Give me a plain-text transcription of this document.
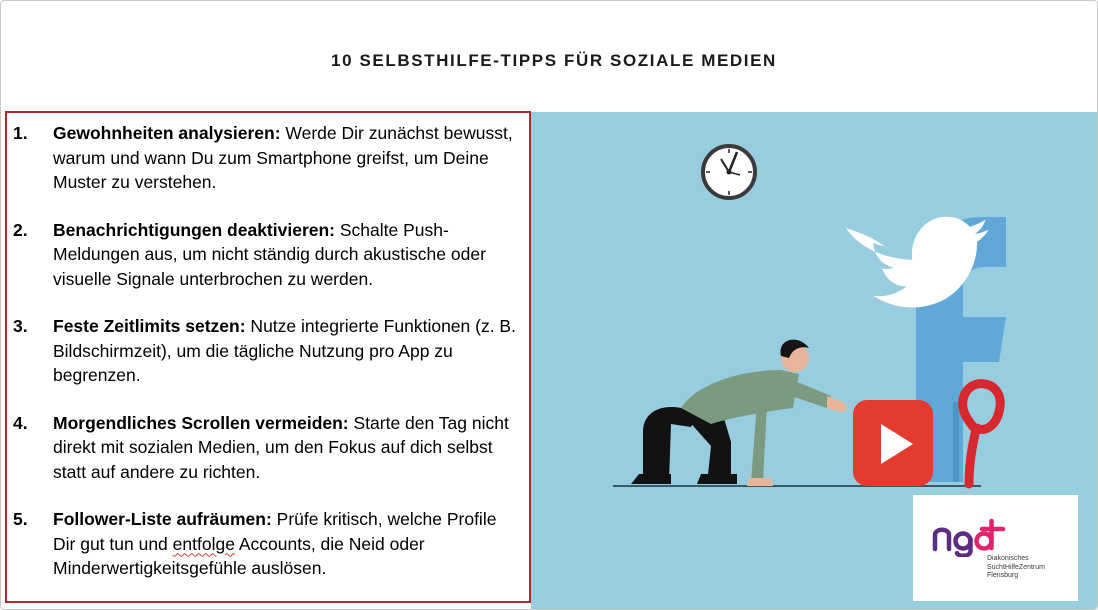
10 SELBSTHILFE-TIPPS FÜR SOZIALE MEDIEN
1.	Gewohnheiten analysieren: Werde Dir zunächst bewusst, warum und wann Du zum Smartphone greifst, um Deine Muster zu verstehen.
2.	Benachrichtigungen deaktivieren: Schalte Push-Meldungen aus, um nicht ständig durch akustische oder visuelle Signale unterbrochen zu werden.
3.	Feste Zeitlimits setzen: Nutze integrierte Funktionen (z. B. Bildschirmzeit), um die tägliche Nutzung pro App zu begrenzen.
4.	Morgendliches Scrollen vermeiden: Starte den Tag nicht direkt mit sozialen Medien, um den Fokus auf dich selbst statt auf andere zu richten.
5.	Follower-Liste aufräumen: Prüfe kritisch, welche Profile Dir gut tun und entfolge Accounts, die Neid oder Minderwertigkeitsgefühle auslösen.	Diakonisches
SuchtHilfeZentrum
Flensburg
